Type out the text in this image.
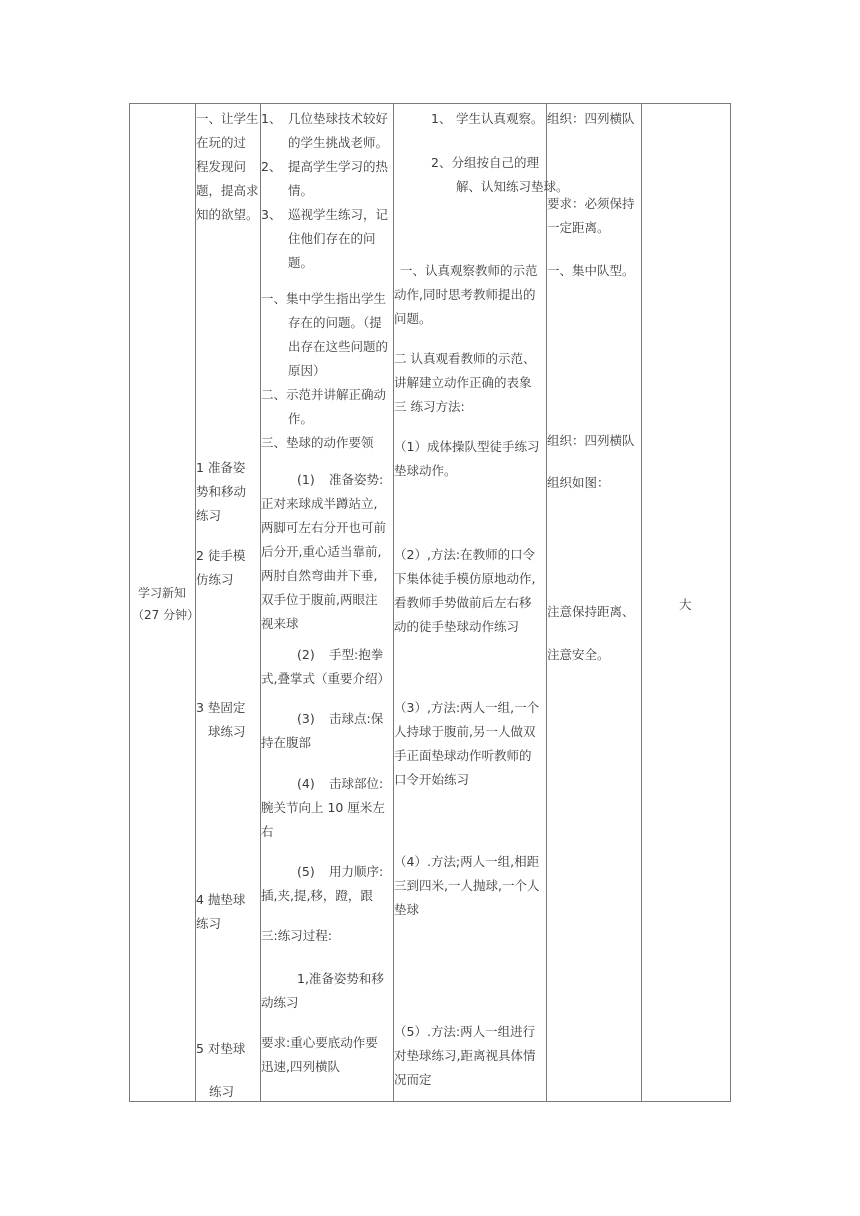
学习新知
（27 分钟）
一、让学生
在玩的过
程发现问
题，提高求
知的欲望。
1 准备姿
势和移动
练习
2 徒手模
仿练习
3 垫固定
球练习
4 抛垫球
练习
5 对垫球
练习
1、 几位垫球技术较好
的学生挑战老师。
2、 提高学生学习的热
情。
3、 巡视学生练习，记
住他们存在的问
题。
一、集中学生指出学生
存在的问题。（提
出存在这些问题的
原因）
二、示范并讲解正确动
作。
三、垫球的动作要领
(1) 准备姿势:
正对来球成半蹲站立,
两脚可左右分开也可前
后分开,重心适当靠前,
两肘自然弯曲并下垂,
双手位于腹前,两眼注
视来球
(2) 手型:抱拳
式,叠掌式（重要介绍）
(3) 击球点:保
持在腹部
(4) 击球部位:
腕关节向上 10 厘米左
右
(5) 用力顺序:
插,夹,提,移，蹬，跟
三:练习过程:
1,准备姿势和移
动练习
要求:重心要底动作要
迅速,四列横队
1、 学生认真观察。
2、分组按自己的理
解、认知练习垫球。
一、认真观察教师的示范
动作,同时思考教师提出的
问题。
二 认真观看教师的示范、
讲解建立动作正确的表象
三 练习方法:
（1）成体操队型徒手练习
垫球动作。
（2）,方法:在教师的口令
下集体徒手模仿原地动作,
看教师手势做前后左右移
动的徒手垫球动作练习
（3）,方法:两人一组,一个
人持球于腹前,另一人做双
手正面垫球动作听教师的
口令开始练习
（4）.方法;两人一组,相距
三到四米,一人抛球,一个人
垫球
（5）.方法:两人一组进行
对垫球练习,距离视具体情
况而定
组织：四列横队
要求：必须保持
一定距离。
一、集中队型。
组织：四列横队
组织如图：
注意保持距离、
注意安全。
大
